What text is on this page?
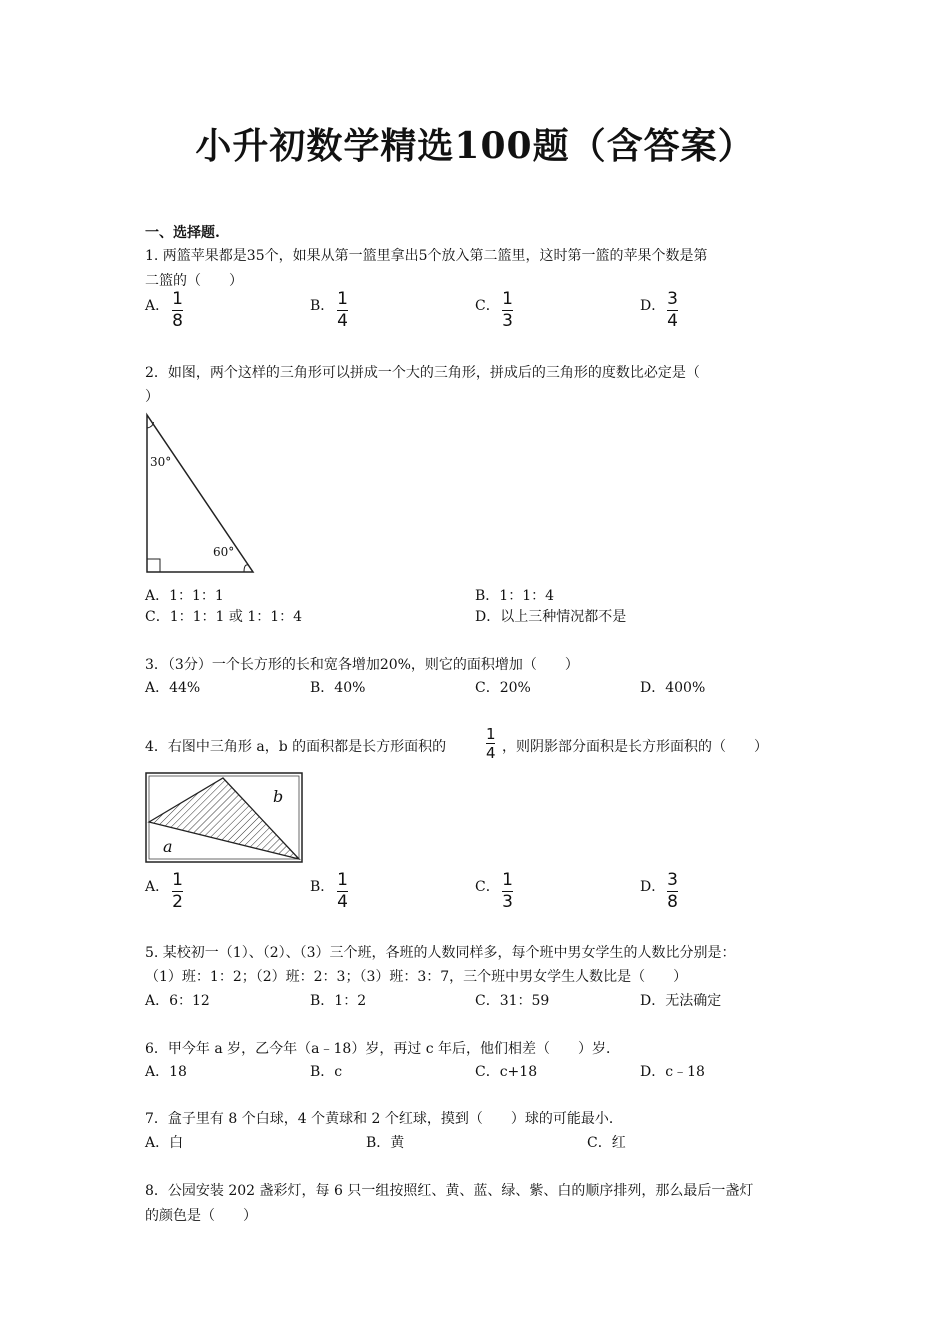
小升初数学精选100题（含答案）
一、选择题.
1. 两篮苹果都是35个，如果从第一篮里拿出5个放入第二篮里，这时第一篮的苹果个数是第
二篮的（　　）
A． 1
8
B． 1
4
C． 1
3
D． 3
4
2．如图，两个这样的三角形可以拼成一个大的三角形，拼成后的三角形的度数比必定是（
）
30°
60°
A．1：1：1	B．1：1：4
C．1：1：1 或 1：1：4	D．以上三种情况都不是
3．（3分）一个长方形的长和宽各增加20%，则它的面积增加（　　）
A．44%	B．40%	C．20%	D．400%
4．右图中三角形 a，b 的面积都是长方形面积的
1
4 ，则阴影部分面积是长方形面积的（　　）
b
a
A． 1
2
B． 1
4
C． 1
3
D． 3
8
5. 某校初一（1）、（2）、（3）三个班，各班的人数同样多，每个班中男女学生的人数比分别是：
（1）班：1：2；（2）班：2：3；（3）班：3：7，三个班中男女学生人数比是（　　）
A．6：12	B．1：2	C．31：59	D．无法确定
6．甲今年 a 岁，乙今年（a﹣18）岁，再过 c 年后，他们相差（　　）岁．
A．18	B．c	C．c+18	D．c﹣18
7．盒子里有 8 个白球，4 个黄球和 2 个红球，摸到（　　）球的可能最小．
A．白	B．黄	C．红
8．公园安装 202 盏彩灯，每 6 只一组按照红、黄、蓝、绿、紫、白的顺序排列，那么最后一盏灯
的颜色是（　　）
